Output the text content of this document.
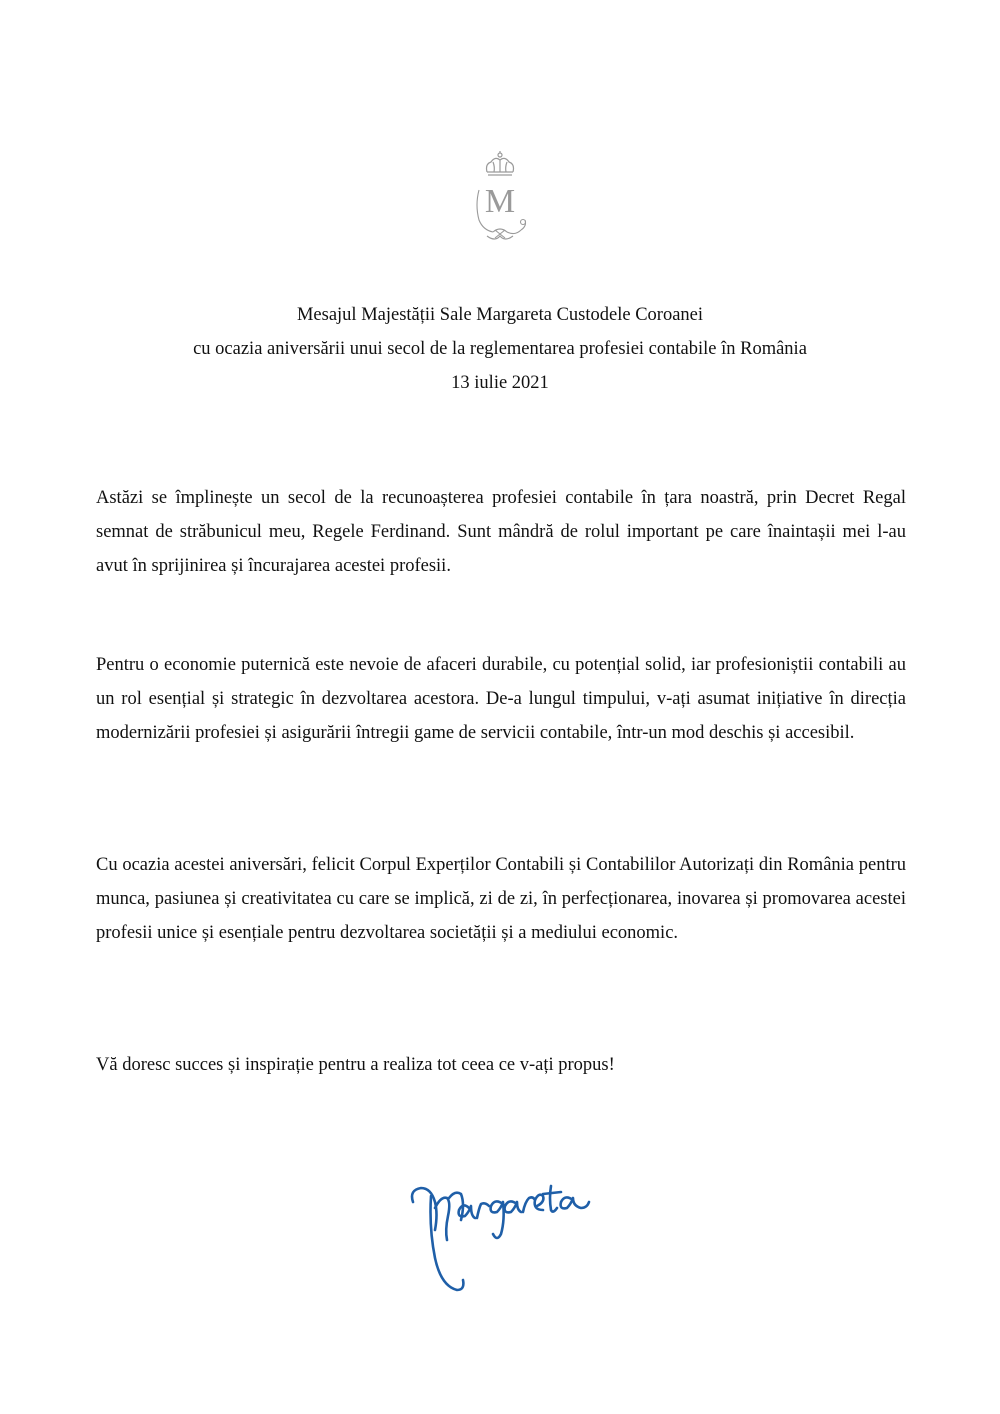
M
Mesajul Majestății Sale Margareta Custodele Coroanei
cu ocazia aniversării unui secol de la reglementarea profesiei contabile în România
13 iulie 2021

Astăzi se împlinește un secol de la recunoașterea profesiei contabile în țara noastră, prin Decret Regal semnat de străbunicul meu, Regele Ferdinand. Sunt mândră de rolul important pe care înaintașii mei l-au avut în sprijinirea și încurajarea acestei profesii.

Pentru o economie puternică este nevoie de afaceri durabile, cu potențial solid, iar profesioniștii contabili au un rol esențial și strategic în dezvoltarea acestora. De-a lungul timpului, v-ați asumat inițiative în direcția modernizării profesiei și asigurării întregii game de servicii contabile, într-un mod deschis și accesibil.

Cu ocazia acestei aniversări, felicit Corpul Experților Contabili și Contabililor Autorizați din România pentru munca, pasiunea și creativitatea cu care se implică, zi de zi, în perfecționarea, inovarea și promovarea acestei profesii unice și esențiale pentru dezvoltarea societății și a mediului economic.

Vă doresc succes și inspirație pentru a realiza tot ceea ce v-ați propus!
